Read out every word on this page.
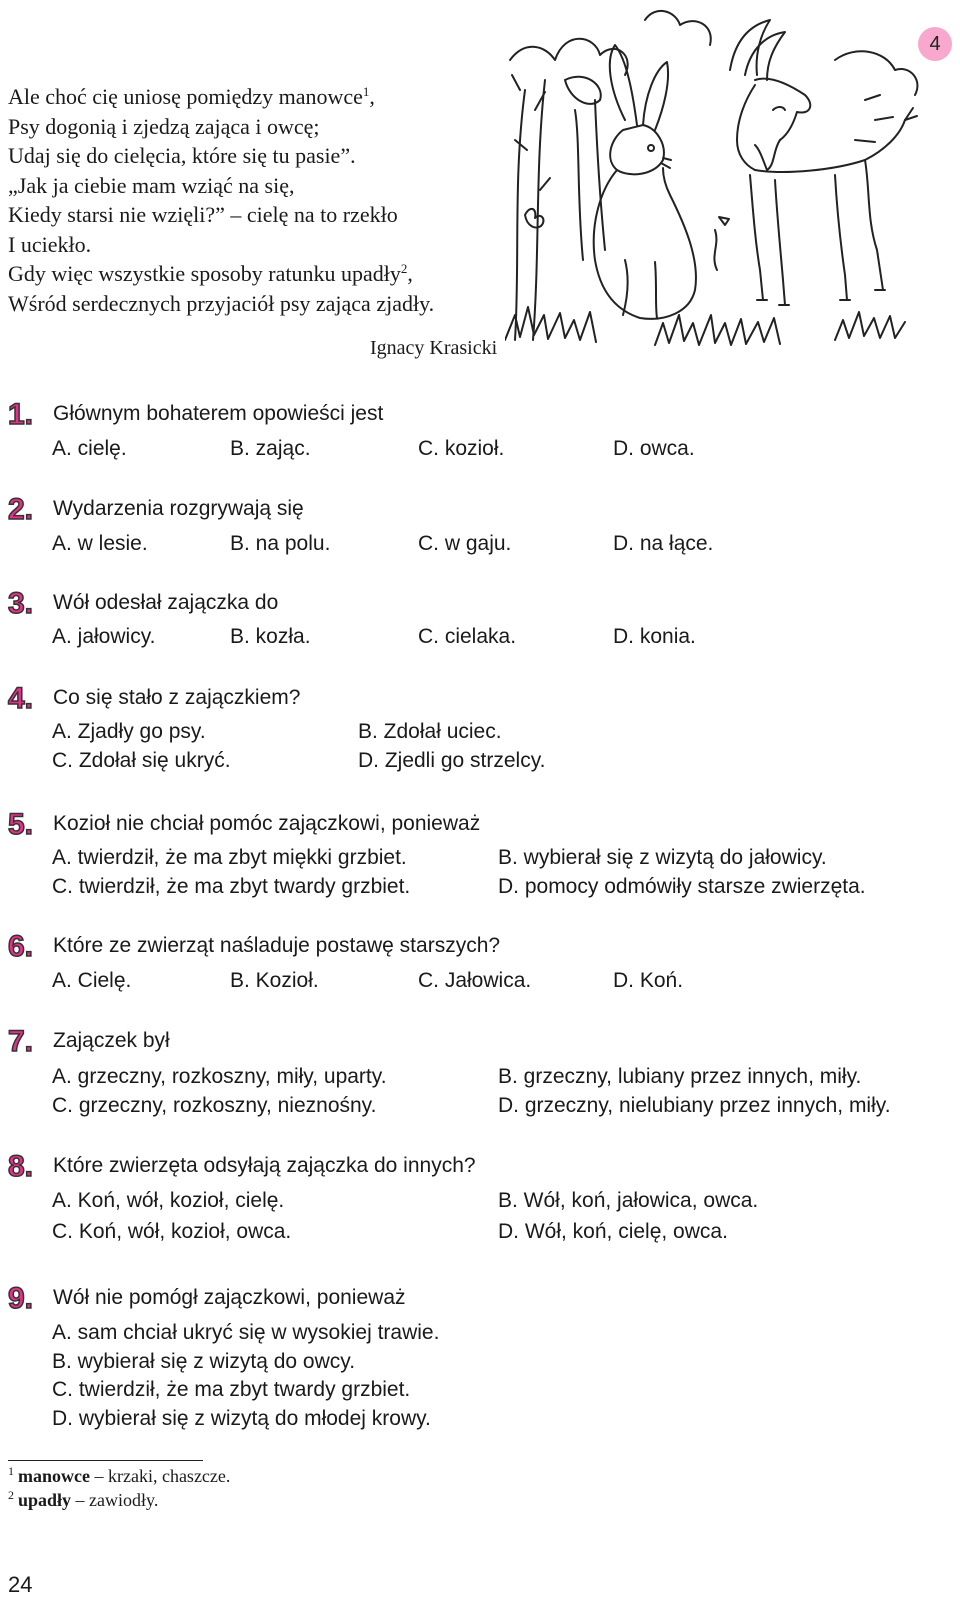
Ale choć cię uniosę pomiędzy manowce$^1$,
Psy dogonią i zjedzą zająca i owcę;
Udaj się do cielęcia, które się tu pasie”.
„Jak ja ciebie mam wziąć na się,
Kiedy starsi nie wzięli?” – cielę na to rzekło
I uciekło.
Gdy więc wszystkie sposoby ratunku upadły$^2$,
Wśród serdecznych przyjaciół psy zająca zjadły.
Ignacy Krasicki
4
1. Głównym bohaterem opowieści jest
A. cielę.	B. zając.	C. kozioł.	D. owca.
2. Wydarzenia rozgrywają się
A. w lesie.	B. na polu.	C. w gaju.	D. na łące.
3. Wół odesłał zajączka do
A. jałowicy.	B. kozła.	C. cielaka.	D. konia.
4. Co się stało z zajączkiem?
A. Zjadły go psy.	B. Zdołał uciec.
C. Zdołał się ukryć.	D. Zjedli go strzelcy.
5. Kozioł nie chciał pomóc zajączkowi, ponieważ
A. twierdził, że ma zbyt miękki grzbiet.	B. wybierał się z wizytą do jałowicy.
C. twierdził, że ma zbyt twardy grzbiet.	D. pomocy odmówiły starsze zwierzęta.
6. Które ze zwierząt naśladuje postawę starszych?
A. Cielę.	B. Kozioł.	C. Jałowica.	D. Koń.
7. Zajączek był
A. grzeczny, rozkoszny, miły, uparty.	B. grzeczny, lubiany przez innych, miły.
C. grzeczny, rozkoszny, nieznośny.	D. grzeczny, nielubiany przez innych, miły.
8. Które zwierzęta odsyłają zajączka do innych?
A. Koń, wół, kozioł, cielę.	B. Wół, koń, jałowica, owca.
C. Koń, wół, kozioł, owca.	D. Wół, koń, cielę, owca.
9. Wół nie pomógł zajączkowi, ponieważ
A. sam chciał ukryć się w wysokiej trawie.
B. wybierał się z wizytą do owcy.
C. twierdził, że ma zbyt twardy grzbiet.
D. wybierał się z wizytą do młodej krowy.
$^1$ manowce – krzaki, chaszcze.
$^2$ upadły – zawiodły.
24
